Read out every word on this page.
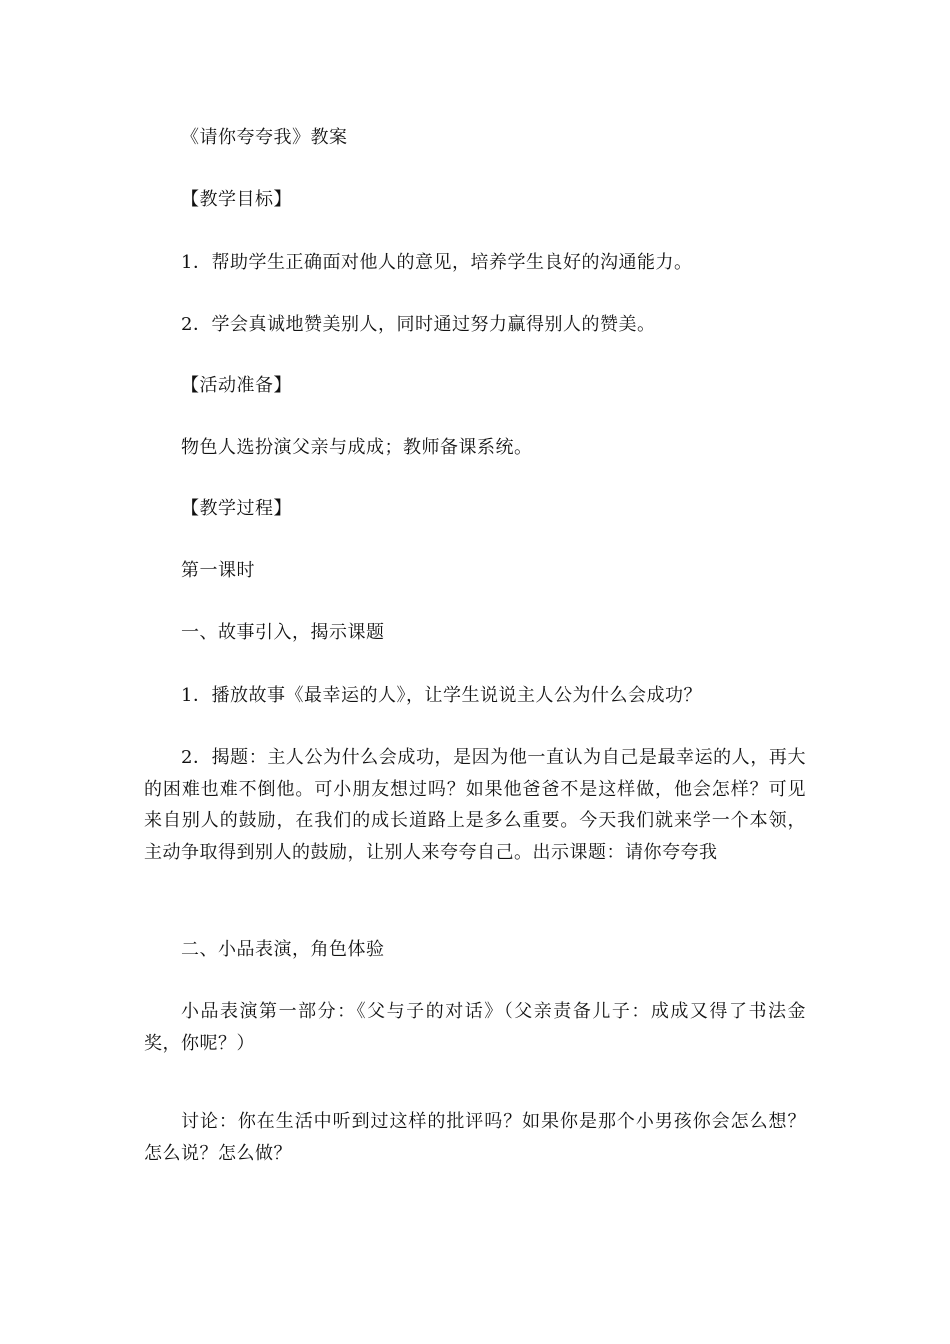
《请你夸夸我》教案

【教学目标】

1．帮助学生正确面对他人的意见，培养学生良好的沟通能力。

2．学会真诚地赞美别人，同时通过努力赢得别人的赞美。

【活动准备】

物色人选扮演父亲与成成；教师备课系统。

【教学过程】

第一课时

一、故事引入，揭示课题

1．播放故事《最幸运的人》，让学生说说主人公为什么会成功？

2．揭题：主人公为什么会成功，是因为他一直认为自己是最幸运的人，再大的困难也难不倒他。可小朋友想过吗？如果他爸爸不是这样做，他会怎样？可见来自别人的鼓励，在我们的成长道路上是多么重要。今天我们就来学一个本领，主动争取得到别人的鼓励，让别人来夸夸自己。出示课题：请你夸夸我

二、小品表演，角色体验

小品表演第一部分：《父与子的对话》（父亲责备儿子：成成又得了书法金奖，你呢？）

讨论：你在生活中听到过这样的批评吗？如果你是那个小男孩你会怎么想？怎么说？怎么做？
